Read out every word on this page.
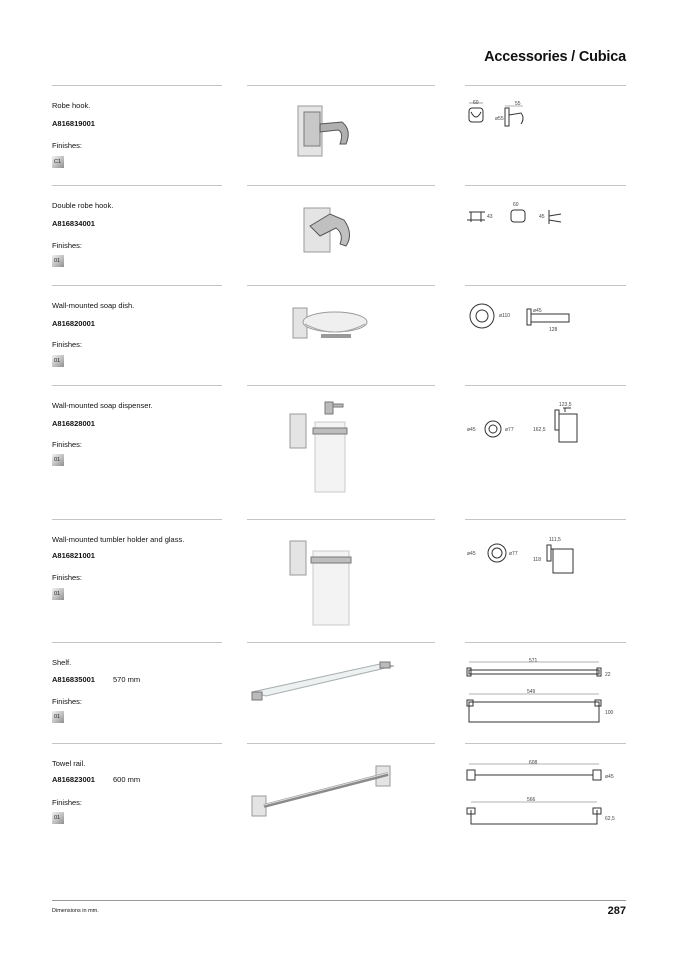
Accessories / Cubica
Robe hook.
A816819001
Finishes:
C1
60	55
ø55
Double robe hook.
A816834001
Finishes:
01
43
60
45
Wall-mounted soap dish.
A816820001
Finishes:
01
ø110
ø45
128
Wall-mounted soap dispenser.
A816828001
Finishes:
01
ø45	ø77
123,5
162,5
Wall-mounted tumbler holder and glass.
A816821001
Finishes:
01
ø45	ø77
111,5
118
Shelf.
A816835001 570 mm
Finishes:
01
571
22
549
100
Towel rail.
A816823001 600 mm
Finishes:
01
608
ø45
566
62,5
Dimensions in mm.	287
